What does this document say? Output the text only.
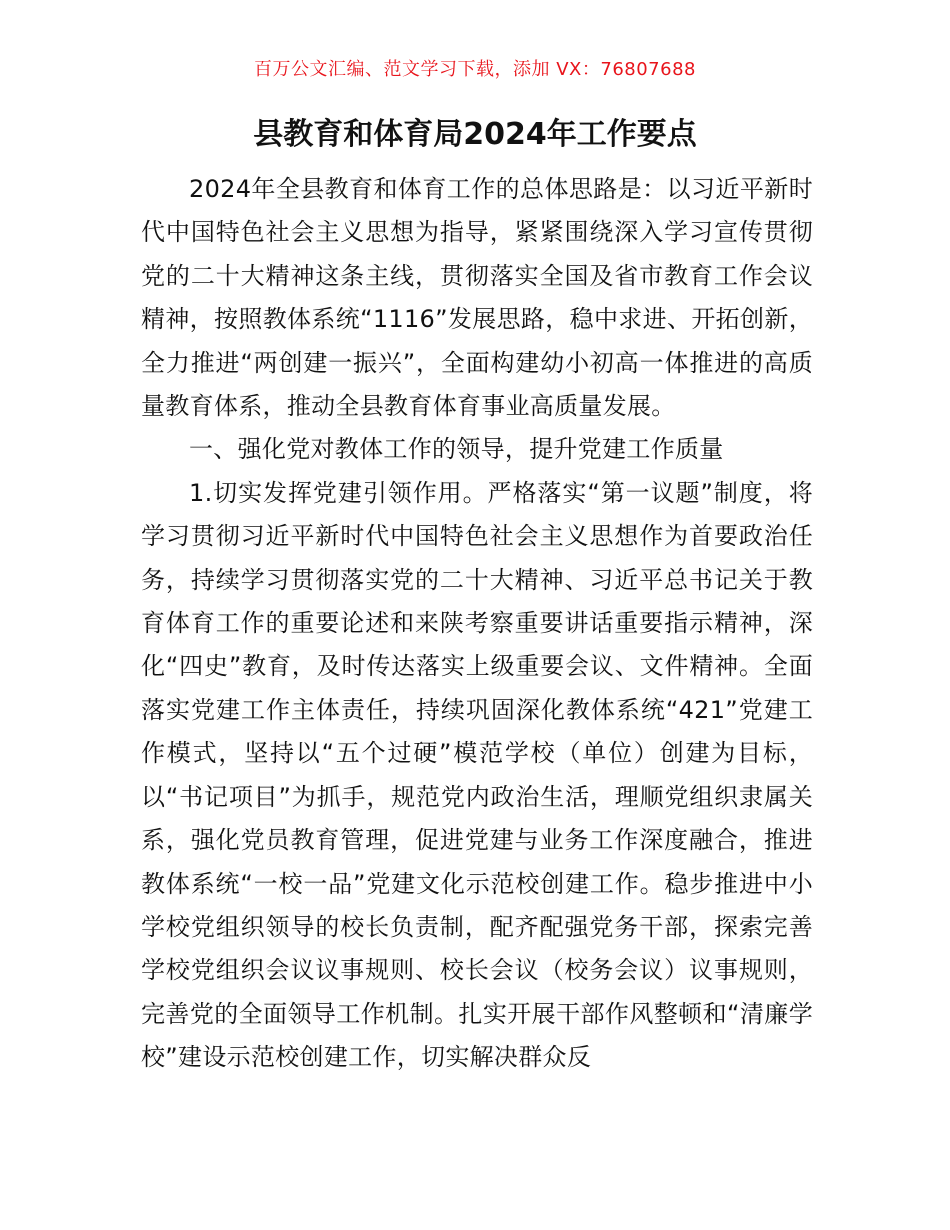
百万公文汇编、范文学习下载，添加 VX：76807688
县教育和体育局2024年工作要点

2024年全县教育和体育工作的总体思路是：以习近平新时代中国特色社会主义思想为指导，紧紧围绕深入学习宣传贯彻党的二十大精神这条主线，贯彻落实全国及省市教育工作会议精神，按照教体系统“1116”发展思路，稳中求进、开拓创新，全力推进“两创建一振兴”，全面构建幼小初高一体推进的高质量教育体系，推动全县教育体育事业高质量发展。

一、强化党对教体工作的领导，提升党建工作质量

1.切实发挥党建引领作用。严格落实“第一议题”制度，将学习贯彻习近平新时代中国特色社会主义思想作为首要政治任务，持续学习贯彻落实党的二十大精神、习近平总书记关于教育体育工作的重要论述和来陕考察重要讲话重要指示精神，深化“四史”教育，及时传达落实上级重要会议、文件精神。全面落实党建工作主体责任，持续巩固深化教体系统“421”党建工作模式，坚持以“五个过硬”模范学校（单位）创建为目标，以“书记项目”为抓手，规范党内政治生活，理顺党组织隶属关系，强化党员教育管理，促进党建与业务工作深度融合，推进教体系统“一校一品”党建文化示范校创建工作。稳步推进中小学校党组织领导的校长负责制，配齐配强党务干部，探索完善学校党组织会议议事规则、校长会议（校务会议）议事规则，完善党的全面领导工作机制。扎实开展干部作风整顿和“清廉学校”建设示范校创建工作，切实解决群众反
